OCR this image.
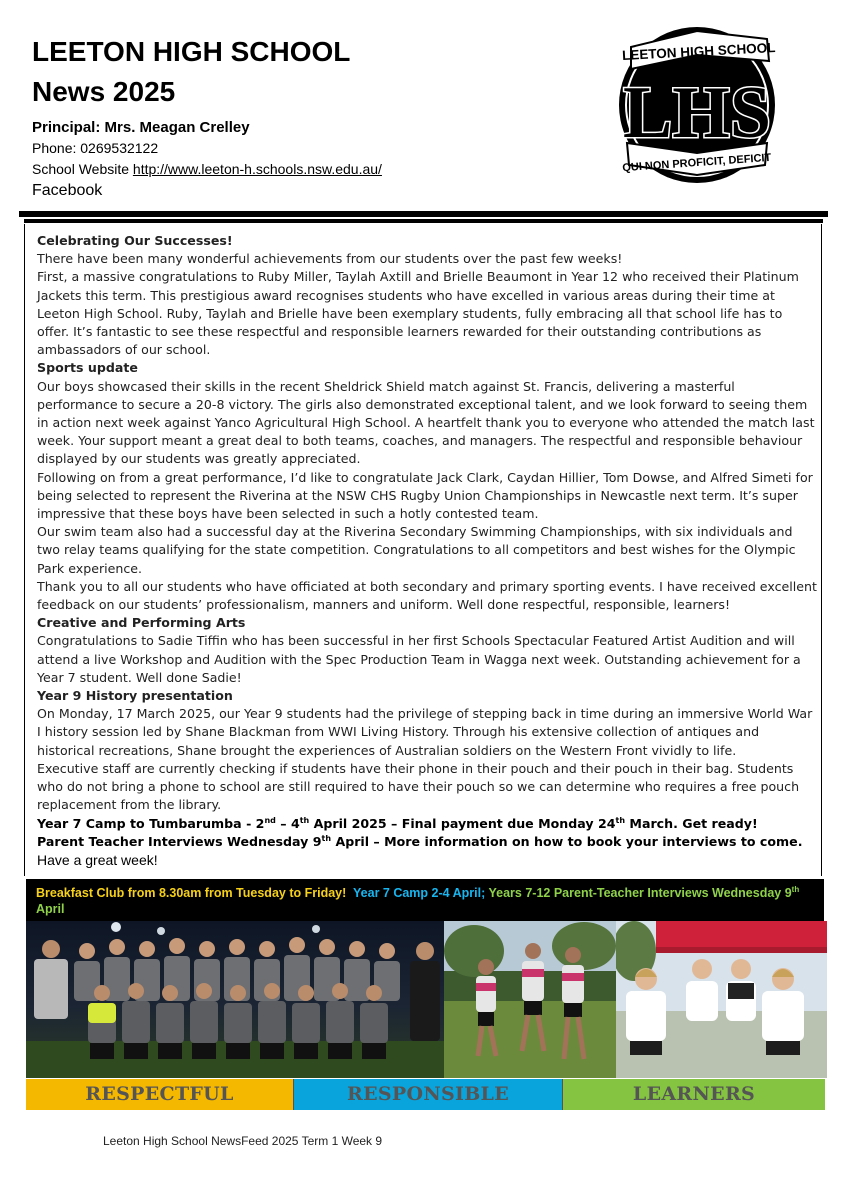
LEETON HIGH SCHOOL
News 2025
Principal: Mrs. Meagan Crelley
Phone: 0269532122
School Website http://www.leeton-h.schools.nsw.edu.au/
Facebook
LEETON HIGH SCHOOL
LHS
QUI NON PROFICIT, DEFICIT

Celebrating Our Successes!

There have been many wonderful achievements from our students over the past few weeks!

First, a massive congratulations to Ruby Miller, Taylah Axtill and Brielle Beaumont in Year 12 who received their Platinum Jackets this term. This prestigious award recognises students who have excelled in various areas during their time at Leeton High School. Ruby, Taylah and Brielle have been exemplary students, fully embracing all that school life has to offer. It’s fantastic to see these respectful and responsible learners rewarded for their outstanding contributions as ambassadors of our school.

Sports update

Our boys showcased their skills in the recent Sheldrick Shield match against St. Francis, delivering a masterful performance to secure a 20-8 victory. The girls also demonstrated exceptional talent, and we look forward to seeing them in action next week against Yanco Agricultural High School. A heartfelt thank you to everyone who attended the match last week. Your support meant a great deal to both teams, coaches, and managers. The respectful and responsible behaviour displayed by our students was greatly appreciated.

Following on from a great performance, I’d like to congratulate Jack Clark, Caydan Hillier, Tom Dowse, and Alfred Simeti for being selected to represent the Riverina at the NSW CHS Rugby Union Championships in Newcastle next term. It’s super impressive that these boys have been selected in such a hotly contested team.

Our swim team also had a successful day at the Riverina Secondary Swimming Championships, with six individuals and two relay teams qualifying for the state competition. Congratulations to all competitors and best wishes for the Olympic Park experience.

Thank you to all our students who have officiated at both secondary and primary sporting events. I have received excellent feedback on our students’ professionalism, manners and uniform. Well done respectful, responsible, learners!

Creative and Performing Arts

Congratulations to Sadie Tiffin who has been successful in her first Schools Spectacular Featured Artist Audition and will attend a live Workshop and Audition with the Spec Production Team in Wagga next week. Outstanding achievement for a Year 7 student. Well done Sadie!

Year 9 History presentation

On Monday, 17 March 2025, our Year 9 students had the privilege of stepping back in time during an immersive World War I history session led by Shane Blackman from WWI Living History. Through his extensive collection of antiques and historical recreations, Shane brought the experiences of Australian soldiers on the Western Front vividly to life.

Executive staff are currently checking if students have their phone in their pouch and their pouch in their bag. Students who do not bring a phone to school are still required to have their pouch so we can determine who requires a free pouch replacement from the library.

Year 7 Camp to Tumbarumba - 2nd – 4th April 2025 – Final payment due Monday 24th March. Get ready!

Parent Teacher Interviews Wednesday 9th April – More information on how to book your interviews to come.

Have a great week!

Breakfast Club from 8.30am from Tuesday to Friday! Year 7 Camp 2-4 April; Years 7-12 Parent-Teacher Interviews Wednesday 9th April
RESPECTFUL	RESPONSIBLE	LEARNERS
Leeton High School NewsFeed 2025 Term 1 Week 9
